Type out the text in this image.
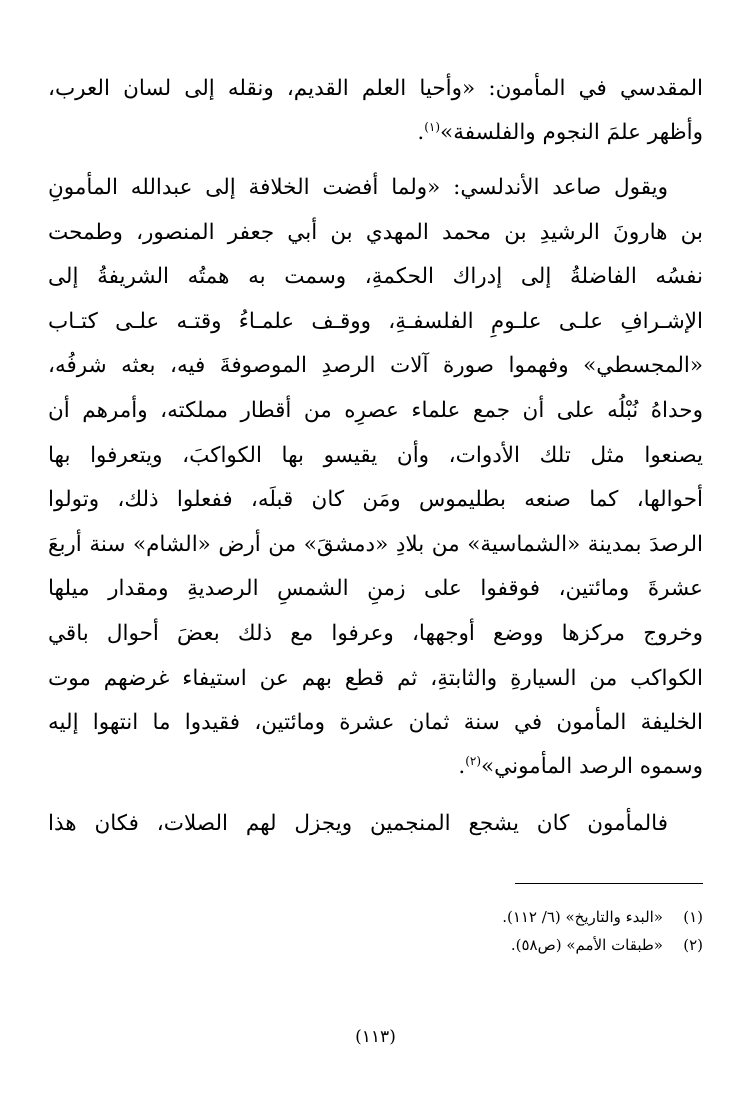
المقدسي في المأمون: «وأحيا العلم القديم، ونقله إلى لسان العرب،
وأظهر علمَ النجوم والفلسفة»$^{(١)}$.
ويقول صاعد الأندلسي: «ولما أفضت الخلافة إلى عبدالله المأمونِ
بن هارونَ الرشيدِ بن محمد المهدي بن أبي جعفر المنصور، وطمحت
نفسُه الفاضلةُ إلى إدراك الحكمةِ، وسمت به همتُه الشريفةُ إلى
الإشـرافِ علـى علـومِ الفلسفـةِ، ووقـف علمـاءُ وقتـه علـى كتـاب
«المجسطي» وفهموا صورة آلات الرصدِ الموصوفةَ فيه، بعثه شرفُه،
وحداهُ نُبْلُه على أن جمع علماء عصرِه من أقطار مملكته، وأمرهم أن
يصنعوا مثل تلك الأدوات، وأن يقيسو بها الكواكبَ، ويتعرفوا بها
أحوالها، كما صنعه بطليموس ومَن كان قبلَه، ففعلوا ذلك، وتولوا
الرصدَ بمدينة «الشماسية» من بلادِ «دمشقَ» من أرض «الشام» سنة أربعَ
عشرةَ ومائتين، فوقفوا على زمنِ الشمسِ الرصديةِ ومقدار ميلها
وخروج مركزها ووضع أوجهها، وعرفوا مع ذلك بعضَ أحوال باقي
الكواكب من السيارةِ والثابتةِ، ثم قطع بهم عن استيفاء غرضهم موت
الخليفة المأمون في سنة ثمان عشرة ومائتين، فقيدوا ما انتهوا إليه
وسموه الرصد المأموني»$^{(٢)}$.
فالمأمون كان يشجع المنجمين ويجزل لهم الصلات، فكان هذا
(١)«البدء والتاريخ» (٦/ ١١٢).
(٢)«طبقات الأمم» (ص٥٨).
(١١٣)
